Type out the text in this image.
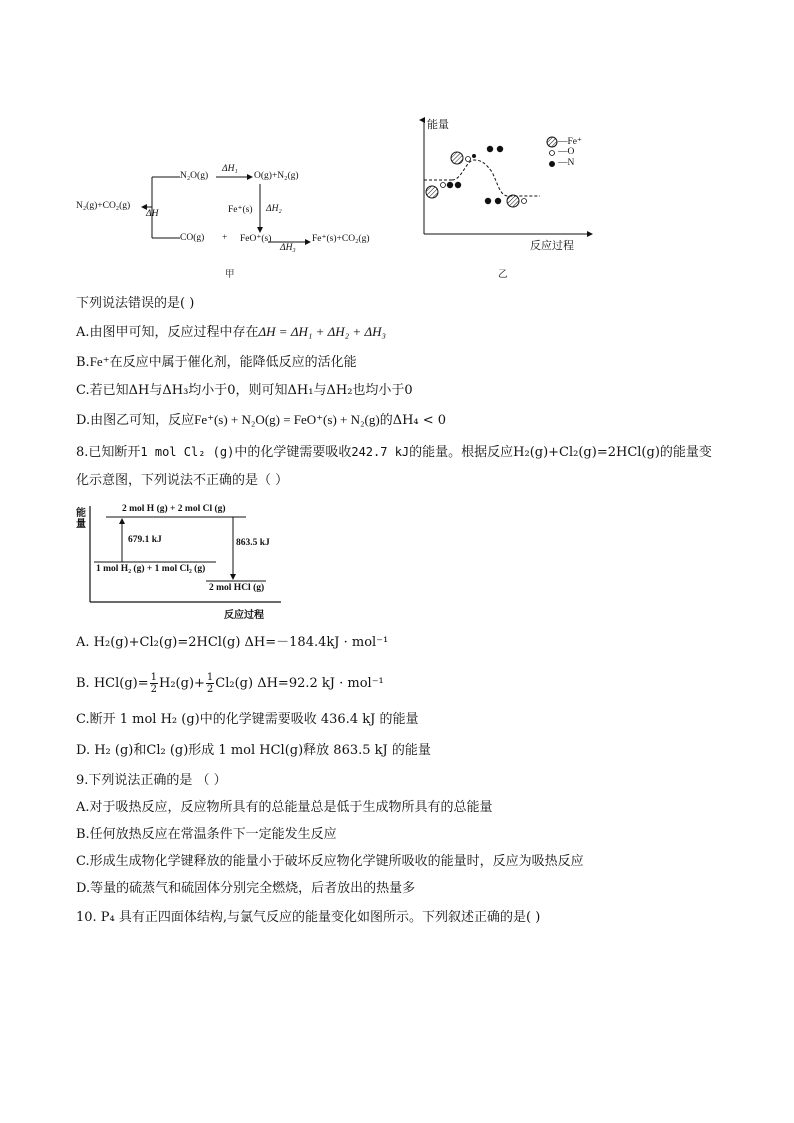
N₂(g)+CO₂(g)
ΔH
N₂O(g)
ΔH₁
O(g)+N₂(g)
Fe⁺(s) ΔH₂
CO(g) + FeO⁺(s)
ΔH₃
Fe⁺(s)+CO₂(g)
甲
能量
—Fe⁺
—O
—N
反应过程
乙
下列说法错误的是( )
A.由图甲可知，反应过程中存在ΔH = ΔH₁ + ΔH₂ + ΔH₃
B.Fe⁺在反应中属于催化剂，能降低反应的活化能
C.若已知ΔH与ΔH₃均小于0，则可知ΔH₁与ΔH₂也均小于0
D.由图乙可知，反应Fe⁺(s) + N₂O(g) = FeO⁺(s) + N₂(g)的ΔH₄ < 0
8.已知断开1 mol Cl₂ (g)中的化学键需要吸收242.7 kJ的能量。根据反应H₂(g)+Cl₂(g)=2HCl(g)的能量变
化示意图，下列说法不正确的是（ ）
能
量
2 mol H (g) + 2 mol Cl (g)
679.1 kJ	863.5 kJ
1 mol H₂ (g) + 1 mol Cl₂ (g)
2 mol HCl (g)
反应过程
A. H₂(g)+Cl₂(g)=2HCl(g) ΔH=－184.4kJ · mol⁻¹
B. $HCl(g)= \frac{1}{2} H_2(g)+ \frac{1}{2} Cl_2(g)$ ΔH=92.2 kJ · mol⁻¹
C.断开 1 mol H₂ (g)中的化学键需要吸收 436.4 kJ 的能量
D. H₂ (g)和Cl₂ (g)形成 1 mol HCl(g)释放 863.5 kJ 的能量
9.下列说法正确的是 （ ）
A.对于吸热反应，反应物所具有的总能量总是低于生成物所具有的总能量
B.任何放热反应在常温条件下一定能发生反应
C.形成生成物化学键释放的能量小于破坏反应物化学键所吸收的能量时，反应为吸热反应
D.等量的硫蒸气和硫固体分别完全燃烧，后者放出的热量多
10. P₄ 具有正四面体结构,与氯气反应的能量变化如图所示。下列叙述正确的是( )
